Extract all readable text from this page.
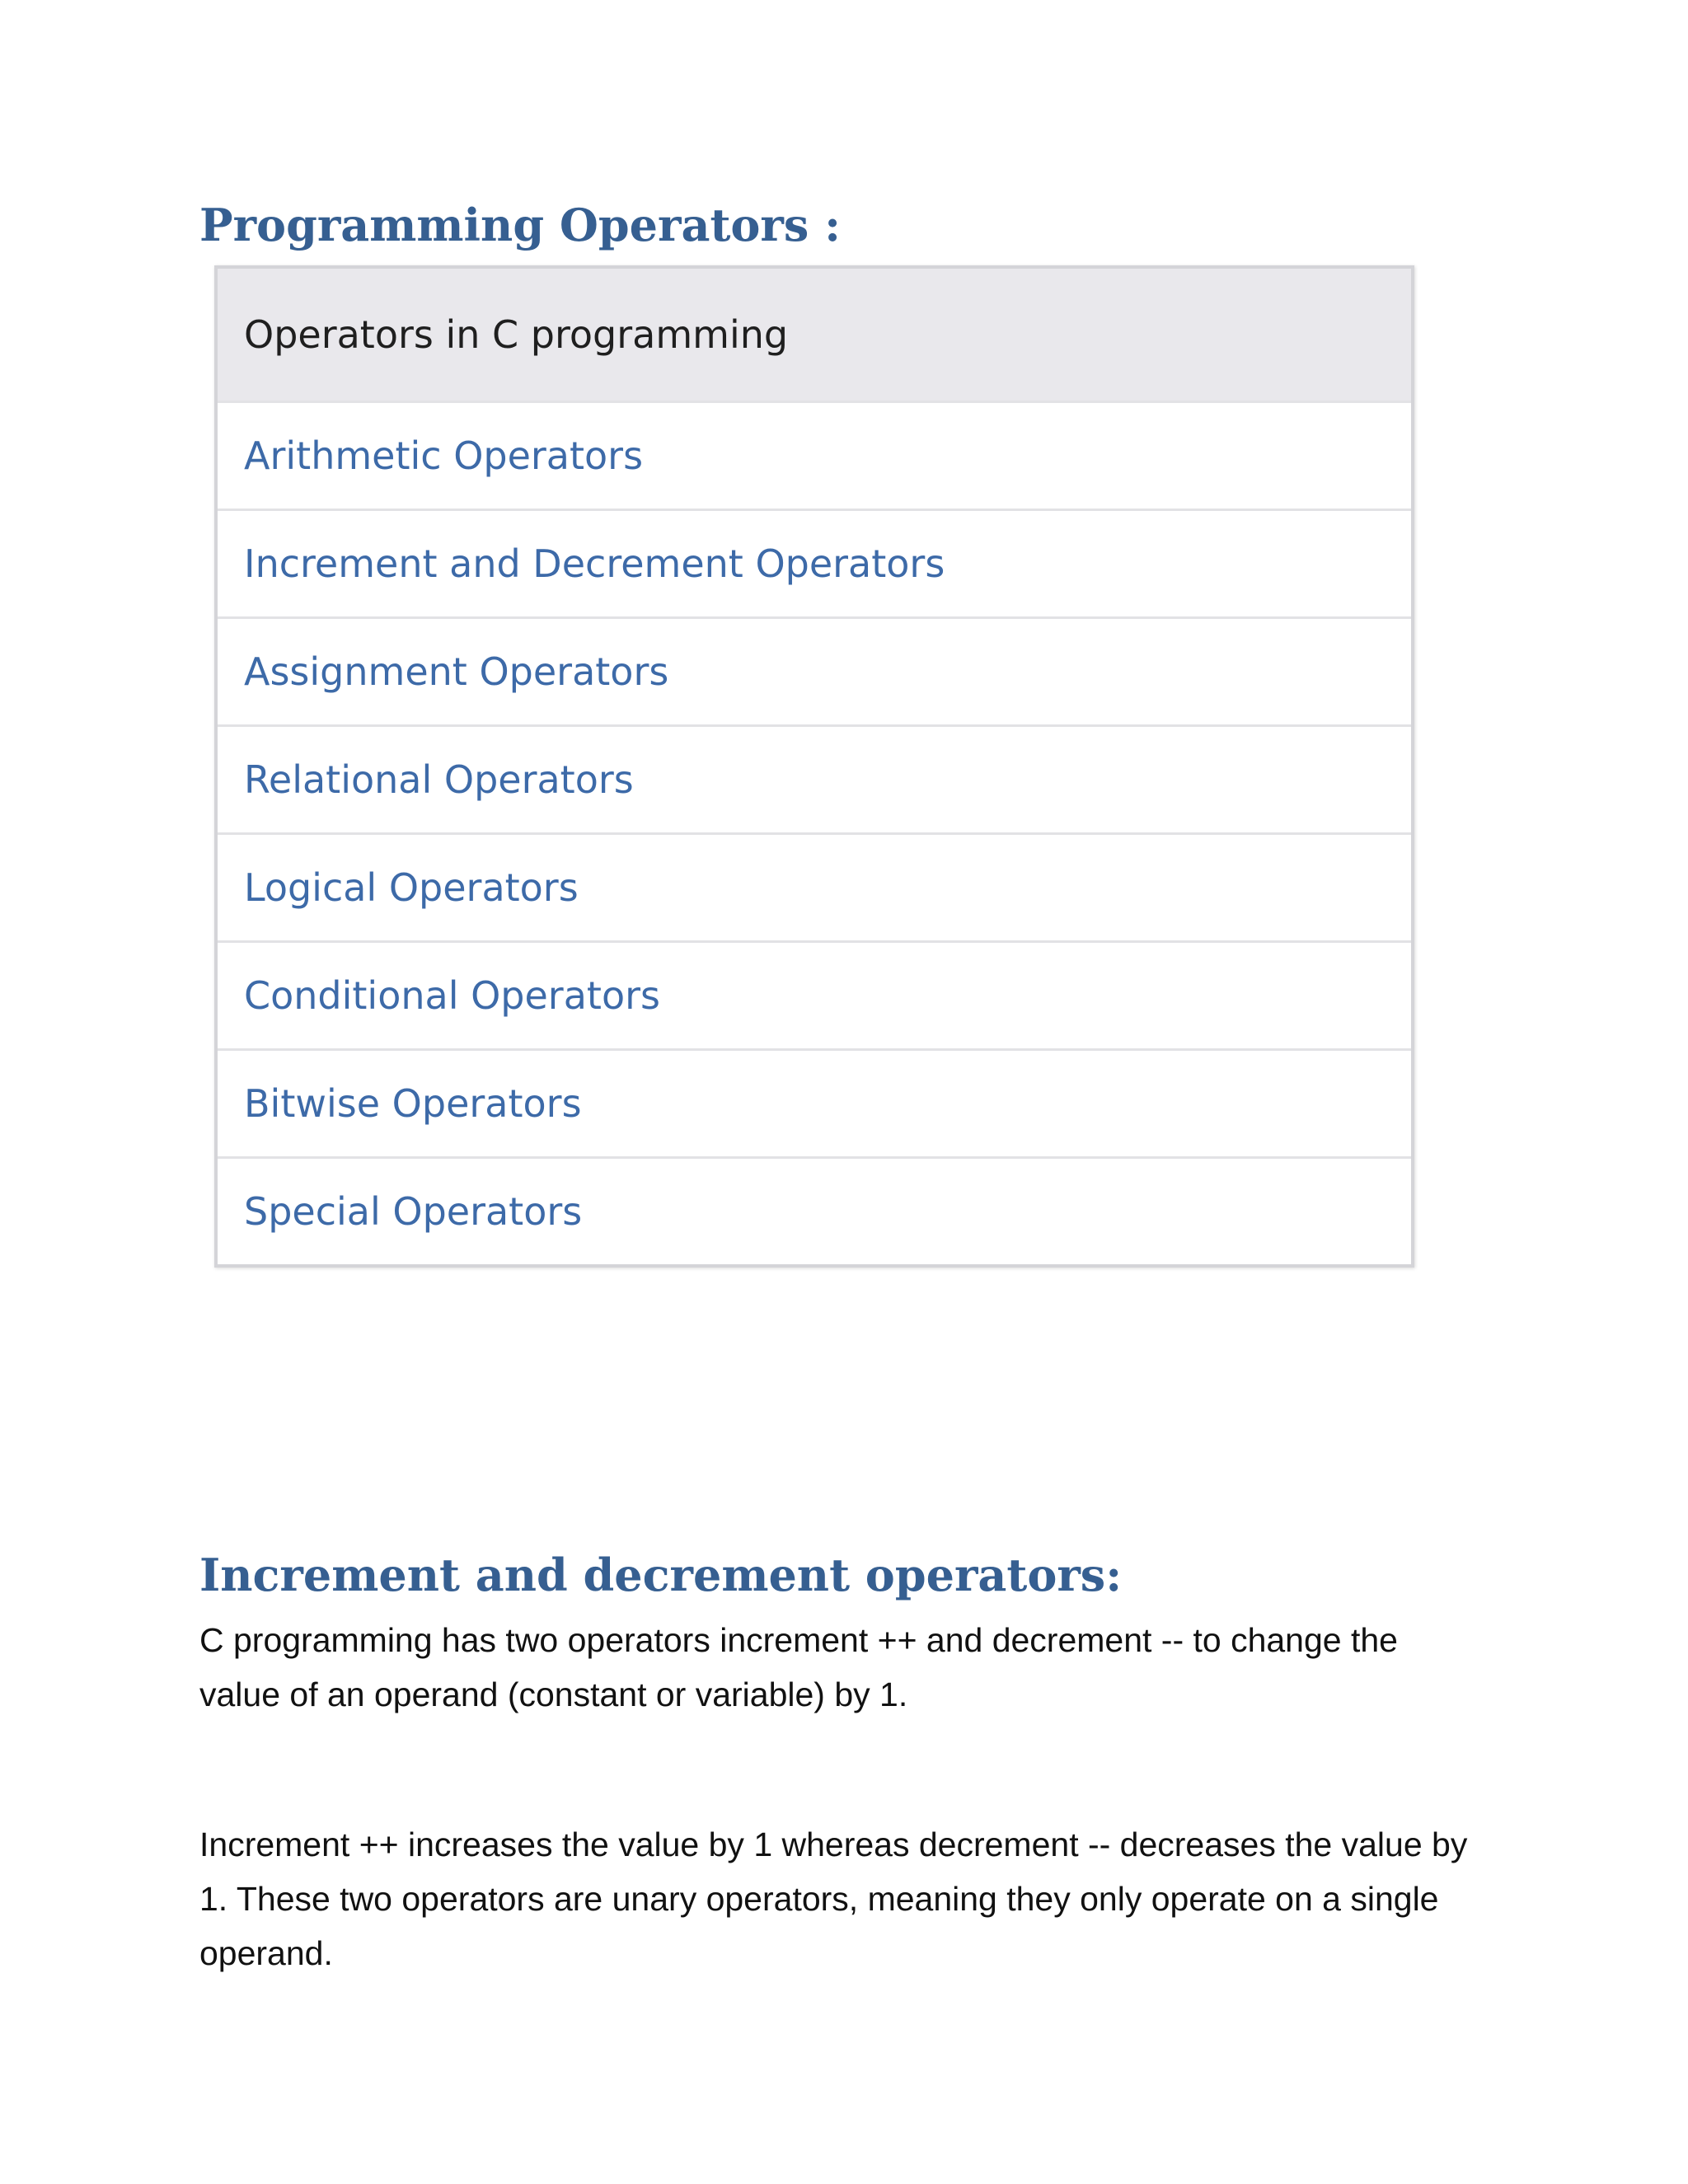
Programming Operators :
Operators in C programming
Arithmetic Operators
Increment and Decrement Operators
Assignment Operators
Relational Operators
Logical Operators
Conditional Operators
Bitwise Operators
Special Operators
Increment and decrement operators:

C programming has two operators increment ++ and decrement -- to change the value of an operand (constant or variable) by 1.

Increment ++ increases the value by 1 whereas decrement -- decreases the value by 1. These two operators are unary operators, meaning they only operate on a single operand.
